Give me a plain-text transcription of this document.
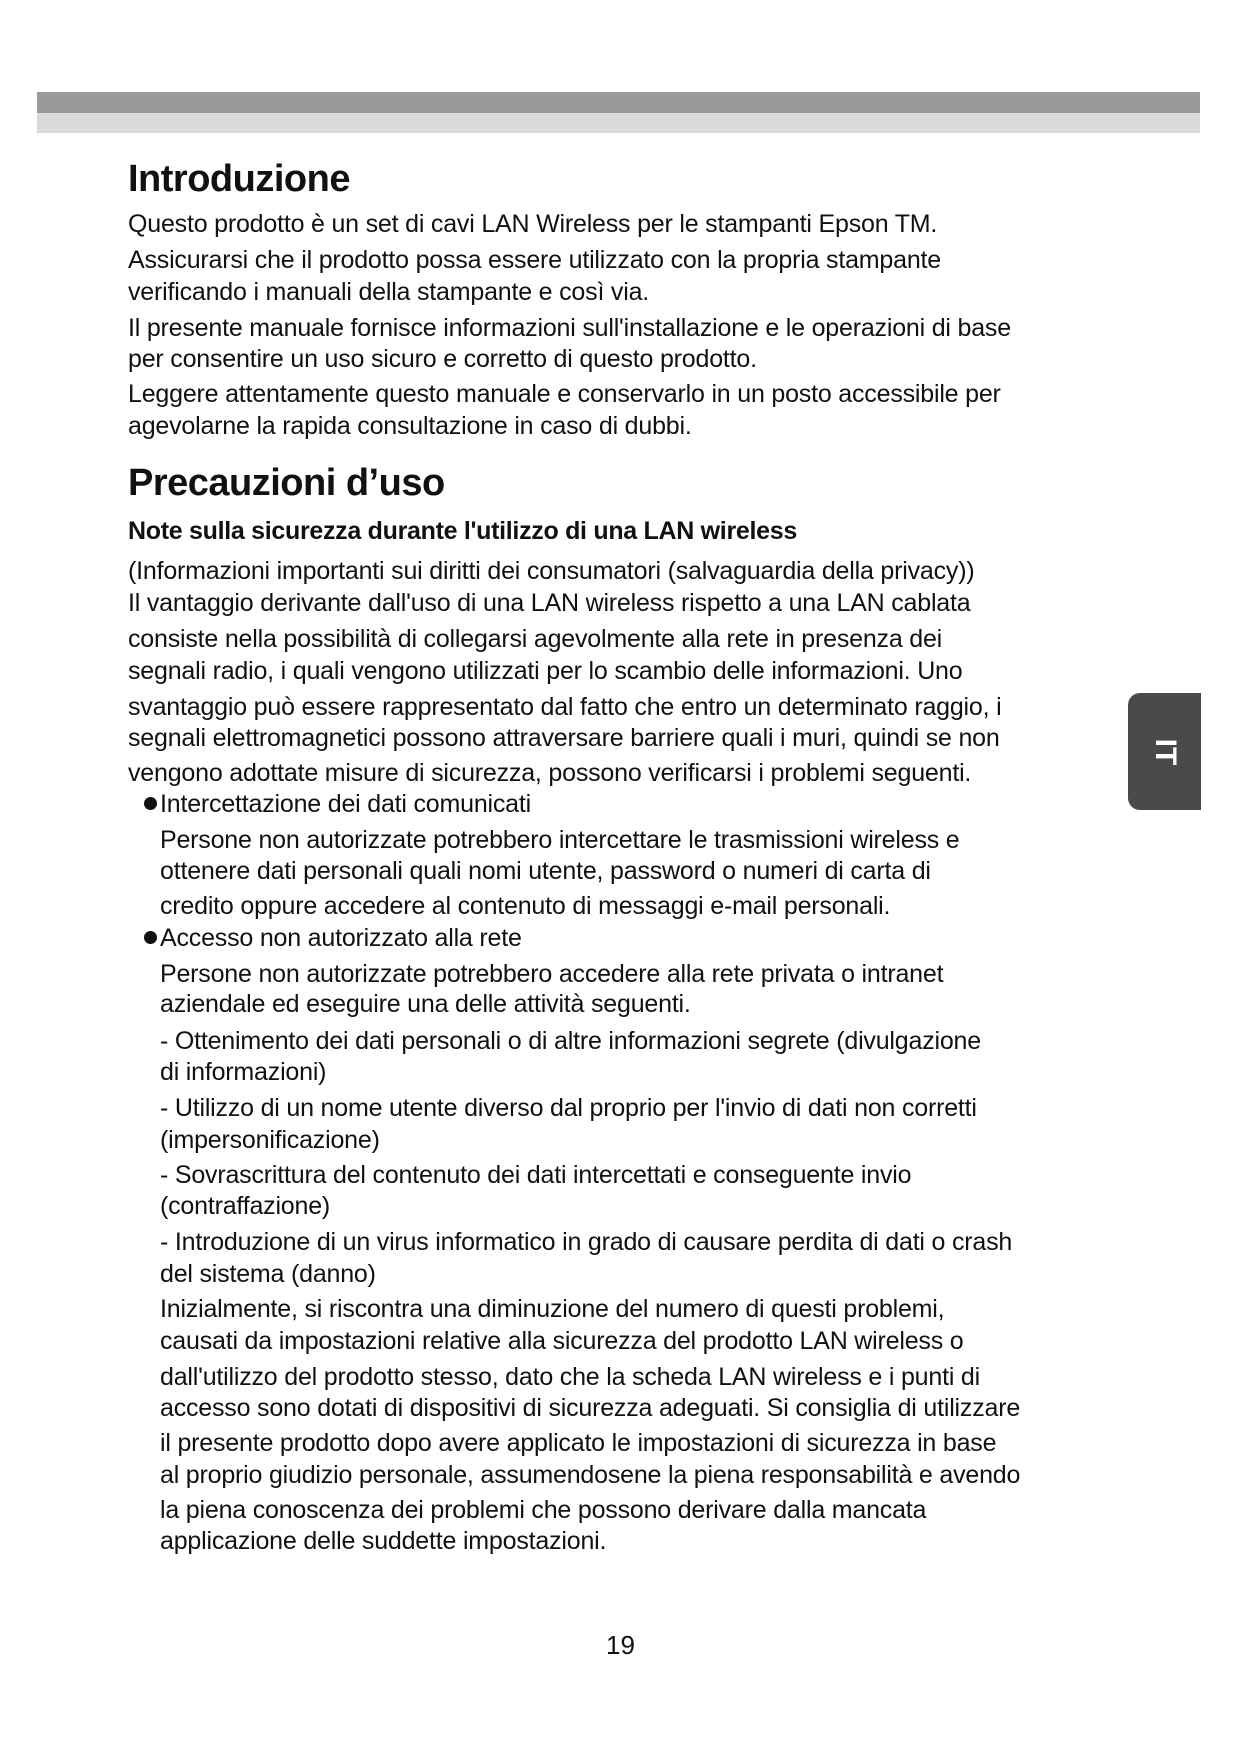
Introduzione
Questo prodotto è un set di cavi LAN Wireless per le stampanti Epson TM.
Assicurarsi che il prodotto possa essere utilizzato con la propria stampante
verificando i manuali della stampante e così via.
Il presente manuale fornisce informazioni sull'installazione e le operazioni di base
per consentire un uso sicuro e corretto di questo prodotto.
Leggere attentamente questo manuale e conservarlo in un posto accessibile per
agevolarne la rapida consultazione in caso di dubbi.
Precauzioni d’uso
Note sulla sicurezza durante l'utilizzo di una LAN wireless
(Informazioni importanti sui diritti dei consumatori (salvaguardia della privacy))
Il vantaggio derivante dall'uso di una LAN wireless rispetto a una LAN cablata
consiste nella possibilità di collegarsi agevolmente alla rete in presenza dei
segnali radio, i quali vengono utilizzati per lo scambio delle informazioni. Uno
svantaggio può essere rappresentato dal fatto che entro un determinato raggio, i
segnali elettromagnetici possono attraversare barriere quali i muri, quindi se non
vengono adottate misure di sicurezza, possono verificarsi i problemi seguenti.
Intercettazione dei dati comunicati
Persone non autorizzate potrebbero intercettare le trasmissioni wireless e
ottenere dati personali quali nomi utente, password o numeri di carta di
credito oppure accedere al contenuto di messaggi e-mail personali.
Accesso non autorizzato alla rete
Persone non autorizzate potrebbero accedere alla rete privata o intranet
aziendale ed eseguire una delle attività seguenti.
- Ottenimento dei dati personali o di altre informazioni segrete (divulgazione
di informazioni)
- Utilizzo di un nome utente diverso dal proprio per l'invio di dati non corretti
(impersonificazione)
- Sovrascrittura del contenuto dei dati intercettati e conseguente invio
(contraffazione)
- Introduzione di un virus informatico in grado di causare perdita di dati o crash
del sistema (danno)
Inizialmente, si riscontra una diminuzione del numero di questi problemi,
causati da impostazioni relative alla sicurezza del prodotto LAN wireless o
dall'utilizzo del prodotto stesso, dato che la scheda LAN wireless e i punti di
accesso sono dotati di dispositivi di sicurezza adeguati. Si consiglia di utilizzare
il presente prodotto dopo avere applicato le impostazioni di sicurezza in base
al proprio giudizio personale, assumendosene la piena responsabilità e avendo
la piena conoscenza dei problemi che possono derivare dalla mancata
applicazione delle suddette impostazioni.
IT
19
